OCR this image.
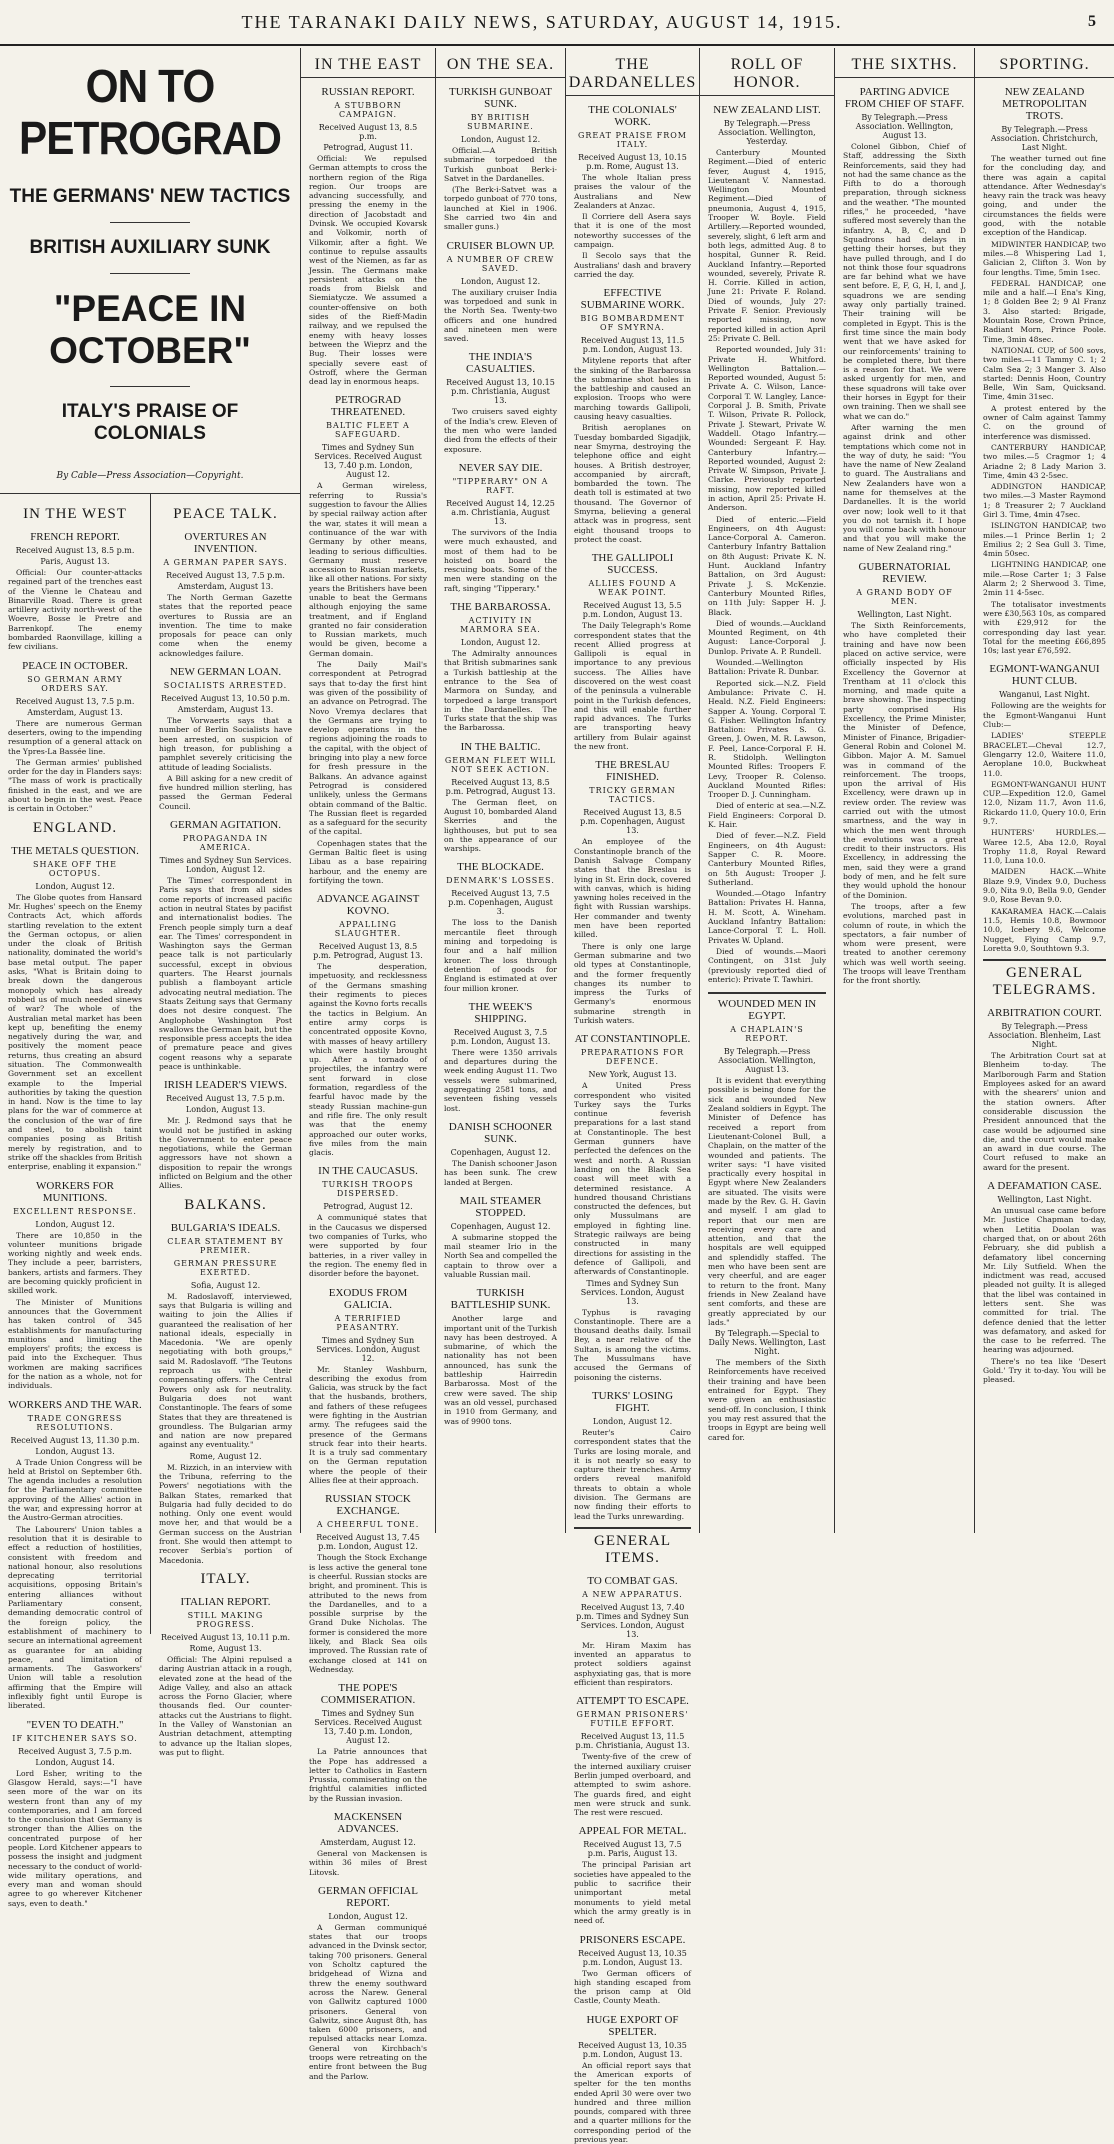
THE TARANAKI DAILY NEWS, SATURDAY, AUGUST 14, 1915.	5
ON TO PETROGRAD
THE GERMANS' NEW TACTICS
BRITISH AUXILIARY SUNK
"PEACE IN OCTOBER"
ITALY'S PRAISE OF COLONIALS
By Cable—Press Association—Copyright.
IN THE WEST
FRENCH REPORT.
Received August 13, 8.5 p.m.
Paris, August 13.

Official: Our counter-attacks regained part of the trenches east of the Vienne le Chateau and Binarville Road. There is great artillery activity north-west of the Woevre, Bosse le Pretre and Barrenkopf. The enemy bombarded Raonvillage, killing a few civilians.

PEACE IN OCTOBER.
SO GERMAN ARMY ORDERS SAY.
Received August 13, 7.5 p.m.
Amsterdam, August 13.

There are numerous German deserters, owing to the impending resumption of a general attack on the Ypres-La Bassée line.

The German armies' published order for the day in Flanders says: "The mass of work is practically finished in the east, and we are about to begin in the west. Peace is certain in October."

ENGLAND.
THE METALS QUESTION.
SHAKE OFF THE OCTOPUS.
London, August 12.

The Globe quotes from Hansard Mr. Hughes' speech on the Enemy Contracts Act, which affords startling revelation to the extent the German octopus, or alien under the cloak of British nationality, dominated the world's base metal output. The paper asks, "What is Britain doing to break down the dangerous monopoly which has already robbed us of much needed sinews of war? The whole of the Australian metal market has been kept up, benefiting the enemy negatively during the war, and positively the moment peace returns, thus creating an absurd situation. The Commonwealth Government set an excellent example to the Imperial authorities by taking the question in hand. Now is the time to lay plans for the war of commerce at the conclusion of the war of fire and steel, to abolish taint companies posing as British merely by registration, and to strike off the shackles from British enterprise, enabling it expansion."

WORKERS FOR MUNITIONS.
EXCELLENT RESPONSE.
London, August 12.

There are 10,850 in the volunteer munitions brigade working nightly and week ends. They include a peer, barristers, bankers, artists and farmers. They are becoming quickly proficient in skilled work.

The Minister of Munitions announces that the Government has taken control of 345 establishments for manufacturing munitions and limiting the employers' profits; the excess is paid into the Exchequer. Thus workmen are making sacrifices for the nation as a whole, not for individuals.

WORKERS AND THE WAR.
TRADE CONGRESS RESOLUTIONS.
Received August 13, 11.30 p.m.
London, August 13.

A Trade Union Congress will be held at Bristol on September 6th. The agenda includes a resolution for the Parliamentary committee approving of the Allies' action in the war, and expressing horror at the Austro-German atrocities.

The Labourers' Union tables a resolution that it is desirable to effect a reduction of hostilities, consistent with freedom and national honour, also resolutions deprecating territorial acquisitions, opposing Britain's entering alliances without Parliamentary consent, demanding democratic control of the foreign policy, the establishment of machinery to secure an international agreement as guarantee for an abiding peace, and limitation of armaments. The Gasworkers' Union will table a resolution affirming that the Empire will inflexibly fight until Europe is liberated.

"EVEN TO DEATH."
IF KITCHENER SAYS SO.
Received August 3, 7.5 p.m.
London, August 14.

Lord Esher, writing to the Glasgow Herald, says:—"I have seen more of the war on its western front than any of my contemporaries, and I am forced to the conclusion that Germany is stronger than the Allies on the concentrated purpose of her people. Lord Kitchener appears to possess the insight and judgment necessary to the conduct of world-wide military operations, and every man and woman should agree to go wherever Kitchener says, even to death."

PEACE TALK.
OVERTURES AN INVENTION.
A GERMAN PAPER SAYS.
Received August 13, 7.5 p.m.
Amsterdam, August 13.

The North German Gazette states that the reported peace overtures to Russia are an invention. The time to make proposals for peace can only come when the enemy acknowledges failure.

NEW GERMAN LOAN.
SOCIALISTS ARRESTED.
Received August 13, 10.50 p.m.
Amsterdam, August 13.

The Vorwaerts says that a number of Berlin Socialists have been arrested, on suspicion of high treason, for publishing a pamphlet severely criticising the attitude of leading Socialists.

A Bill asking for a new credit of five hundred million sterling, has passed the German Federal Council.

GERMAN AGITATION.
PROPAGANDA IN AMERICA.
Times and Sydney Sun Services. London, August 12.

The Times' correspondent in Paris says that from all sides come reports of increased pacific action in neutral States by pacifist and internationalist bodies. The French people simply turn a deaf ear. The Times' correspondent in Washington says the German peace talk is not particularly successful, except in obvious quarters. The Hearst journals publish a flamboyant article advocating neutral mediation. The Staats Zeitung says that Germany does not desire conquest. The Anglophobe Washington Post swallows the German bait, but the responsible press accepts the idea of premature peace and gives cogent reasons why a separate peace is unthinkable.

IRISH LEADER'S VIEWS.
Received August 13, 7.5 p.m.
London, August 13.

Mr. J. Redmond says that he would not be justified in asking the Government to enter peace negotiations, while the German aggressors have not shown a disposition to repair the wrongs inflicted on Belgium and the other Allies.

BALKANS.
BULGARIA'S IDEALS.
CLEAR STATEMENT BY PREMIER.
GERMAN PRESSURE EXERTED.
Sofia, August 12.

M. Radoslavoff, interviewed, says that Bulgaria is willing and waiting to join the Allies if guaranteed the realisation of her national ideals, especially in Macedonia. "We are openly negotiating with both groups," said M. Radoslavoff. "The Teutons reproach us with their compensating offers. The Central Powers only ask for neutrality. Bulgaria does not want Constantinople. The fears of some States that they are threatened is groundless. The Bulgarian army and nation are now prepared against any eventuality."

Rome, August 12.

M. Rizzich, in an interview with the Tribuna, referring to the Powers' negotiations with the Balkan States, remarked that Bulgaria had fully decided to do nothing. Only one event would move her, and that would be a German success on the Austrian front. She would then attempt to recover Serbia's portion of Macedonia.

ITALY.
ITALIAN REPORT.
STILL MAKING PROGRESS.
Received August 13, 10.11 p.m.
Rome, August 13.

Official: The Alpini repulsed a daring Austrian attack in a rough, elevated zone at the head of the Adige Valley, and also an attack across the Forno Glacier, where thousands fled. Our counter-attacks cut the Austrians to flight. In the Valley of Wanstonian an Austrian detachment, attempting to advance up the Italian slopes, was put to flight.

IN THE EAST
RUSSIAN REPORT.
A STUBBORN CAMPAIGN.
Received August 13, 8.5 p.m.
Petrograd, August 11.

Official: We repulsed German attempts to cross the northern region of the Riga region. Our troops are advancing successfully, and pressing the enemy in the direction of Jacobstadt and Dvinsk. We occupied Kovarsk and Volkomir, north of Vilkomir, after a fight. We continue to repulse assaults west of the Niemen, as far as Jessin. The Germans make persistent attacks on the roads from Bielsk and Siemiatycze. We assumed a counter-offensive on both sides of the Rieff-Madin railway, and we repulsed the enemy with heavy losses between the Wieprz and the Bug. Their losses were specially severe east of Ostroff, where the German dead lay in enormous heaps.

PETROGRAD THREATENED.
BALTIC FLEET A SAFEGUARD.
Times and Sydney Sun Services. Received August 13, 7.40 p.m. London, August 12.

A German wireless, referring to Russia's suggestion to favour the Allies by special railway action after the war, states it will mean a continuance of the war with Germany by other means, leading to serious difficulties. Germany must reserve accession to Russian markets, like all other nations. For sixty years the Britishers have been unable to beat the Germans although enjoying the same treatment, and if England granted no fair consideration to Russian markets, much would be given, become a German domain.

The Daily Mail's correspondent at Petrograd says that to-day the first hint was given of the possibility of an advance on Petrograd. The Novo Vremya declares that the Germans are trying to develop operations in the regions adjoining the roads to the capital, with the object of bringing into play a new force for fresh pressure in the Balkans. An advance against Petrograd is considered unlikely, unless the Germans obtain command of the Baltic. The Russian fleet is regarded as a safeguard for the security of the capital.

Copenhagen states that the German Baltic fleet is using Libau as a base repairing harbour, and the enemy are fortifying the town.

ADVANCE AGAINST KOVNO.
APPALLING SLAUGHTER.
Received August 13, 8.5 p.m. Petrograd, August 13.

The desperation, impetuosity, and recklessness of the Germans smashing their regiments to pieces against the Kovno forts recalls the tactics in Belgium. An entire army corps is concentrated opposite Kovno, with masses of heavy artillery which were hastily brought up. After a tornado of projectiles, the infantry were sent forward in close formation, regardless of the fearful havoc made by the steady Russian machine-gun and rifle fire. The only result was that the enemy approached our outer works, five miles from the main glacis.

IN THE CAUCASUS.
TURKISH TROOPS DISPERSED.
Petrograd, August 12.

A communiqué states that in the Caucasus we dispersed two companies of Turks, who were supported by four batteries, in a river valley in the region. The enemy fled in disorder before the bayonet.

EXODUS FROM GALICIA.
A TERRIFIED PEASANTRY.
Times and Sydney Sun Services. London, August 12.

Mr. Stanley Washburn, describing the exodus from Galicia, was struck by the fact that the husbands, brothers, and fathers of these refugees were fighting in the Austrian army. The refugees said the presence of the Germans struck fear into their hearts. It is a truly sad commentary on the German reputation where the people of their Allies flee at their approach.

RUSSIAN STOCK EXCHANGE.
A CHEERFUL TONE.
Received August 13, 7.45 p.m. London, August 12.

Though the Stock Exchange is less active the general tone is cheerful. Russian stocks are bright, and prominent. This is attributed to the news from the Dardanelles, and to a possible surprise by the Grand Duke Nicholas. The former is considered the more likely, and Black Sea oils improved. The Russian rate of exchange closed at 141 on Wednesday.

THE POPE'S COMMISERATION.
Times and Sydney Sun Services. Received August 13, 7.40 p.m. London, August 12.

La Patrie announces that the Pope has addressed a letter to Catholics in Eastern Prussia, commiserating on the frightful calamities inflicted by the Russian invasion.

MACKENSEN ADVANCES.
Amsterdam, August 12.

General von Mackensen is within 36 miles of Brest Litovsk.

GERMAN OFFICIAL REPORT.
London, August 12.

A German communiqué states that our troops advanced in the Dvinsk sector, taking 700 prisoners. General von Scholtz captured the bridgehead of Wizna and threw the enemy southward across the Narew. General von Gallwitz captured 1000 prisoners. General von Galwitz, since August 8th, has taken 6000 prisoners, and repulsed attacks near Lomza. General von Kirchbach's troops were retreating on the entire front between the Bug and the Parlow.

ON THE SEA.
TURKISH GUNBOAT SUNK.
BY BRITISH SUBMARINE.
London, August 12.

Official.—A British submarine torpedoed the Turkish gunboat Berk-i-Satvet in the Dardanelles.

(The Berk-i-Satvet was a torpedo gunboat of 770 tons, launched at Kiel in 1906. She carried two 4in and smaller guns.)

CRUISER BLOWN UP.
A NUMBER OF CREW SAVED.
London, August 12.

The auxiliary cruiser India was torpedoed and sunk in the North Sea. Twenty-two officers and one hundred and nineteen men were saved.

THE INDIA'S CASUALTIES.
Received August 13, 10.15 p.m. Christiania, August 13.

Two cruisers saved eighty of the India's crew. Eleven of the men who were landed died from the effects of their exposure.

NEVER SAY DIE.
"TIPPERARY" ON A RAFT.
Received August 14, 12.25 a.m. Christiania, August 13.

The survivors of the India were much exhausted, and most of them had to be hoisted on board the rescuing boats. Some of the men were standing on the raft, singing "Tipperary."

THE BARBAROSSA.
ACTIVITY IN MARMORA SEA.
London, August 12.

The Admiralty announces that British submarines sank a Turkish battleship at the entrance to the Sea of Marmora on Sunday, and torpedoed a large transport in the Dardanelles. The Turks state that the ship was the Barbarossa.

IN THE BALTIC.
GERMAN FLEET WILL NOT SEEK ACTION.
Received August 13, 8.5 p.m. Petrograd, August 13.

The German fleet, on August 10, bombarded Aland Skerries and the lighthouses, but put to sea on the appearance of our warships.

THE BLOCKADE.
DENMARK'S LOSSES.
Received August 13, 7.5 p.m. Copenhagen, August 3.

The loss to the Danish mercantile fleet through mining and torpedoing is four and a half million kroner. The loss through detention of goods for England is estimated at over four million kroner.

THE WEEK'S SHIPPING.
Received August 3, 7.5 p.m. London, August 13.

There were 1350 arrivals and departures during the week ending August 11. Two vessels were submarined, aggregating 2581 tons, and seventeen fishing vessels lost.

DANISH SCHOONER SUNK.
Copenhagen, August 12.

The Danish schooner Jason has been sunk. The crew landed at Bergen.

MAIL STEAMER STOPPED.
Copenhagen, August 12.

A submarine stopped the mail steamer Irio in the North Sea and compelled the captain to throw over a valuable Russian mail.

TURKISH BATTLESHIP SUNK.

Another large and important unit of the Turkish navy has been destroyed. A submarine, of which the nationality has not been announced, has sunk the battleship Hairredin Barbarossa. Most of the crew were saved. The ship was an old vessel, purchased in 1910 from Germany, and was of 9900 tons.

THE DARDANELLES
THE COLONIALS' WORK.
GREAT PRAISE FROM ITALY.
Received August 13, 10.15 p.m. Rome, August 13.

The whole Italian press praises the valour of the Australians and New Zealanders at Anzac.

Il Corriere dell Asera says that it is one of the most noteworthy successes of the campaign.

Il Secolo says that the Australians' dash and bravery carried the day.

EFFECTIVE SUBMARINE WORK.
BIG BOMBARDMENT OF SMYRNA.
Received August 13, 11.5 p.m. London, August 13.

Mitylene reports that after the sinking of the Barbarossa the submarine shot holes in the battleship and caused an explosion. Troops who were marching towards Gallipoli, causing heavy casualties.

British aeroplanes on Tuesday bombarded Sigadjik, near Smyrna, destroying the telephone office and eight houses. A British destroyer, accompanied by aircraft, bombarded the town. The death toll is estimated at two thousand. The Governor of Smyrna, believing a general attack was in progress, sent eight thousand troops to protect the coast.

THE GALLIPOLI SUCCESS.
ALLIES FOUND A WEAK POINT.
Received August 13, 5.5 p.m. London, August 13.

The Daily Telegraph's Rome correspondent states that the recent Allied progress at Gallipoli is equal in importance to any previous success. The Allies have discovered on the west coast of the peninsula a vulnerable point in the Turkish defences, and this will enable further rapid advances. The Turks are transporting heavy artillery from Bulair against the new front.

THE BRESLAU FINISHED.
TRICKY GERMAN TACTICS.
Received August 13, 8.5 p.m. Copenhagen, August 13.

An employee of the Constantinople branch of the Danish Salvage Company states that the Breslau is lying in St. Erin dock, covered with canvas, which is hiding yawning holes received in the fight with Russian warships. Her commander and twenty men have been reported killed.

There is only one large German submarine and two old types at Constantinople, and the former frequently changes its number to impress the Turks of Germany's enormous submarine strength in Turkish waters.

AT CONSTANTINOPLE.
PREPARATIONS FOR DEFENCE.
New York, August 13.

A United Press correspondent who visited Turkey says the Turks continue feverish preparations for a last stand at Constantinople. The best German gunners have perfected the defences on the west and north. A Russian landing on the Black Sea coast will meet with a determined resistance. A hundred thousand Christians constructed the defences, but only Mussulmans are employed in fighting line. Strategic railways are being constructed in many directions for assisting in the defence of Gallipoli, and afterwards of Constantinople.

Times and Sydney Sun Services. London, August 13.

Typhus is ravaging Constantinople. There are a thousand deaths daily. Ismail Bey, a near relative of the Sultan, is among the victims. The Mussulmans have accused the Germans of poisoning the cisterns.

TURKS' LOSING FIGHT.
London, August 12.

Reuter's Cairo correspondent states that the Turks are losing morale, and it is not nearly so easy to capture their trenches. Army orders reveal manifold threats to obtain a whole division. The Germans are now finding their efforts to lead the Turks unrewarding.

GENERAL ITEMS.
TO COMBAT GAS.
A NEW APPARATUS.
Received August 13, 7.40 p.m. Times and Sydney Sun Services. London, August 13.

Mr. Hiram Maxim has invented an apparatus to protect soldiers against asphyxiating gas, that is more efficient than respirators.

ATTEMPT TO ESCAPE.
GERMAN PRISONERS' FUTILE EFFORT.
Received August 13, 11.5 p.m. Christiania, August 13.

Twenty-five of the crew of the interned auxiliary cruiser Berlin jumped overboard, and attempted to swim ashore. The guards fired, and eight men were struck and sunk. The rest were rescued.

APPEAL FOR METAL.
Received August 13, 7.5 p.m. Paris, August 13.

The principal Parisian art societies have appealed to the public to sacrifice their unimportant metal monuments to yield metal which the army greatly is in need of.

PRISONERS ESCAPE.
Received August 13, 10.35 p.m. London, August 13.

Two German officers of high standing escaped from the prison camp at Old Castle, County Meath.

HUGE EXPORT OF SPELTER.
Received August 13, 10.35 p.m. London, August 13.

An official report says that the American exports of spelter for the ten months ended April 30 were over two hundred and three million pounds, compared with three and a quarter millions for the corresponding period of the previous year.

ROLL OF HONOR.
NEW ZEALAND LIST.
By Telegraph.—Press Association. Wellington, Yesterday.

Canterbury Mounted Regiment.—Died of enteric fever, August 4, 1915, Lieutenant V. Nannestad. Wellington Mounted Regiment.—Died of pneumonia, August 4, 1915, Trooper W. Boyle. Field Artillery.—Reported wounded, severely, slight, 6 left arm and both legs, admitted Aug. 8 to hospital, Gunner R. Reid. Auckland Infantry.—Reported wounded, severely, Private R. H. Corrie. Killed in action, June 21: Private F. Roland. Died of wounds, July 27: Private F. Senior. Previously reported missing, now reported killed in action April 25: Private C. Bell.

Reported wounded, July 31: Private H. Whitford. Wellington Battalion.—Reported wounded, August 5: Private A. C. Wilson, Lance-Corporal T. W. Langley, Lance-Corporal J. B. Smith, Private T. Wilson, Private R. Pollock, Private J. Stewart, Private W. Waddell. Otago Infantry.—Wounded: Sergeant F. Hay. Canterbury Infantry.—Reported wounded, August 2: Private W. Simpson, Private J. Clarke. Previously reported missing, now reported killed in action, April 25: Private H. Anderson.

Died of enteric.—Field Engineers, on 4th August: Lance-Corporal A. Cameron. Canterbury Infantry Battalion on 8th August: Private K. N. Hunt. Auckland Infantry Battalion, on 3rd August: Private J. S. McKenzie. Canterbury Mounted Rifles, on 11th July: Sapper H. J. Black.

Died of wounds.—Auckland Mounted Regiment, on 4th August: Lance-Corporal J. Dunlop. Private A. P. Rundell.

Wounded.—Wellington Battalion: Private R. Dunbar.

Reported sick.—N.Z. Field Ambulance: Private C. H. Heald. N.Z. Field Engineers: Sapper A. Young. Corporal T. G. Fisher. Wellington Infantry Battalion: Privates S. G. Green, J. Owen, M. R. Lawson, F. Peel, Lance-Corporal F. H. R. Stidolph. Wellington Mounted Rifles: Troopers F. Levy, Trooper R. Colenso. Auckland Mounted Rifles: Trooper D. J. Cunningham.

Died of enteric at sea.—N.Z. Field Engineers: Corporal D. K. Hair.

Died of fever.—N.Z. Field Engineers, on 4th August: Sapper C. R. Moore. Canterbury Mounted Rifles, on 5th August: Trooper J. Sutherland.

Wounded.—Otago Infantry Battalion: Privates H. Hanna, H. M. Scott, A. Wineham. Auckland Infantry Battalion: Lance-Corporal T. L. Holl. Privates W. Upland.

Died of wounds.—Maori Contingent, on 31st July (previously reported died of enteric): Private T. Tawhiri.

WOUNDED MEN IN EGYPT.
A CHAPLAIN'S REPORT.
By Telegraph.—Press Association. Wellington, August 13.

It is evident that everything possible is being done for the sick and wounded New Zealand soldiers in Egypt. The Minister of Defence has received a report from Lieutenant-Colonel Bull, a Chaplain, on the matter of the wounded and patients. The writer says: "I have visited practically every hospital in Egypt where New Zealanders are situated. The visits were made by the Rev. G. H. Gavin and myself. I am glad to report that our men are receiving every care and attention, and that the hospitals are well equipped and splendidly staffed. The men who have been sent are very cheerful, and are eager to return to the front. Many friends in New Zealand have sent comforts, and these are greatly appreciated by our lads."

By Telegraph.—Special to Daily News. Wellington, Last Night.

The members of the Sixth Reinforcements have received their training and have been entrained for Egypt. They were given an enthusiastic send-off. In conclusion, I think you may rest assured that the troops in Egypt are being well cared for.

THE SIXTHS.
PARTING ADVICE FROM CHIEF OF STAFF.
By Telegraph.—Press Association. Wellington, August 13.

Colonel Gibbon, Chief of Staff, addressing the Sixth Reinforcements, said they had not had the same chance as the Fifth to do a thorough preparation, through sickness and the weather. "The mounted rifles," he proceeded, "have suffered most severely than the infantry. A, B, C, and D Squadrons had delays in getting their horses, but they have pulled through, and I do not think those four squadrons are far behind what we have sent before. E, F, G, H, I, and J, squadrons we are sending away only partially trained. Their training will be completed in Egypt. This is the first time since the main body went that we have asked for our reinforcements' training to be completed there, but there is a reason for that. We were asked urgently for men, and these squadrons will take over their horses in Egypt for their own training. Then we shall see what we can do."

After warning the men against drink and other temptations which come not in the way of duty, he said: "You have the name of New Zealand to guard. The Australians and New Zealanders have won a name for themselves at the Dardanelles. It is the world over now; look well to it that you do not tarnish it. I hope you will come back with honour and that you will make the name of New Zealand ring."

GUBERNATORIAL REVIEW.
A GRAND BODY OF MEN.
Wellington, Last Night.

The Sixth Reinforcements, who have completed their training and have now been placed on active service, were officially inspected by His Excellency the Governor at Trentham at 11 o'clock this morning, and made quite a brave showing. The inspecting party comprised His Excellency, the Prime Minister, the Minister of Defence, Minister of Finance, Brigadier-General Robin and Colonel M. Gibbon. Major A. M. Samuel was in command of the reinforcement. The troops, upon the arrival of His Excellency, were drawn up in review order. The review was carried out with the utmost smartness, and the way in which the men went through the evolutions was a great credit to their instructors. His Excellency, in addressing the men, said they were a grand body of men, and he felt sure they would uphold the honour of the Dominion.

The troops, after a few evolutions, marched past in column of route, in which the spectators, a fair number of whom were present, were treated to another ceremony which was well worth seeing. The troops will leave Trentham for the front shortly.

SPORTING.
NEW ZEALAND METROPOLITAN TROTS.
By Telegraph.—Press Association. Christchurch, Last Night.

The weather turned out fine for the concluding day, and there was again a capital attendance. After Wednesday's heavy rain the track was heavy going, and under the circumstances the fields were good, with the notable exception of the Handicap.

MIDWINTER HANDICAP, two miles.—8 Whispering Lad 1, Galician 2, Clifton 3. Won by four lengths. Time, 5min 1sec.

FEDERAL HANDICAP, one mile and a half.—I Ena's King, 1; 8 Golden Bee 2; 9 Al Franz 3. Also started: Brigade, Mountain Rose, Crown Prince, Radiant Morn, Prince Poole. Time, 3min 48sec.

NATIONAL CUP, of 500 sovs, two miles.—11 Tammy C. 1; 2 Calm Sea 2; 3 Manger 3. Also started: Dennis Hoon, Country Belle, Win Sam, Quicksand. Time, 4min 31sec.

A protest entered by the owner of Calm against Tammy C. on the ground of interference was dismissed.

CANTERBURY HANDICAP, two miles.—5 Cragmor 1; 4 Ariadne 2; 8 Lady Marion 3. Time, 4min 43 2-5sec.

ADDINGTON HANDICAP, two miles.—3 Master Raymond 1; 8 Treasurer 2; 7 Auckland Girl 3. Time, 4min 47sec.

ISLINGTON HANDICAP, two miles.—1 Prince Berlin 1; 2 Emilius 2; 2 Sea Gull 3. Time, 4min 50sec.

LIGHTNING HANDICAP, one mile.—Rose Carter 1; 3 False Alarm 2; 2 Sherwood 3. Time, 2min 11 4-5sec.

The totalisator investments were £30,563 10s, as compared with £29,912 for the corresponding day last year. Total for the meeting £66,895 10s; last year £76,592.

EGMONT-WANGANUI HUNT CLUB.
Wanganui, Last Night.

Following are the weights for the Egmont-Wanganui Hunt Club:—

LADIES' STEEPLE BRACELET.—Cheval 12.7, Glengarry 12.0, Waitere 11.0, Aeroplane 10.0, Buckwheat 11.0.

EGMONT-WANGANUI HUNT CUP.—Expedition 12.0, Gamel 12.0, Nizam 11.7, Avon 11.6, Rickardo 11.0, Query 10.0, Erin 9.7.

HUNTERS' HURDLES.—Waree 12.5, Aba 12.0, Royal Trophy 11.8, Royal Reward 11.0, Luna 10.0.

MAIDEN HACK.—White Blaze 9.9, Vindex 9.0, Duchess 9.0, Nita 9.0, Bella 9.0, Gender 9.0, Rose Bevan 9.0.

KAKARAMEA HACK.—Calais 11.5, Hemis 10.8, Bowmoor 10.0, Icebery 9.6, Welcome Nugget, Flying Camp 9.7, Loretta 9.0, Southtown 9.3.

GENERAL TELEGRAMS.
ARBITRATION COURT.
By Telegraph.—Press Association. Blenheim, Last Night.

The Arbitration Court sat at Blenheim to-day. The Marlborough Farm and Station Employees asked for an award with the shearers' union and the station owners. After considerable discussion the President announced that the case would be adjourned sine die, and the court would make an award in due course. The Court refused to make an award for the present.

A DEFAMATION CASE.
Wellington, Last Night.

An unusual case came before Mr. Justice Chapman to-day, when Letitia Doolan was charged that, on or about 26th February, she did publish a defamatory libel concerning Mr. Lily Sutfield. When the indictment was read, accused pleaded not guilty. It is alleged that the libel was contained in letters sent. She was committed for trial. The defence denied that the letter was defamatory, and asked for the case to be referred. The hearing was adjourned.

There's no tea like 'Desert Gold.' Try it to-day. You will be pleased.
